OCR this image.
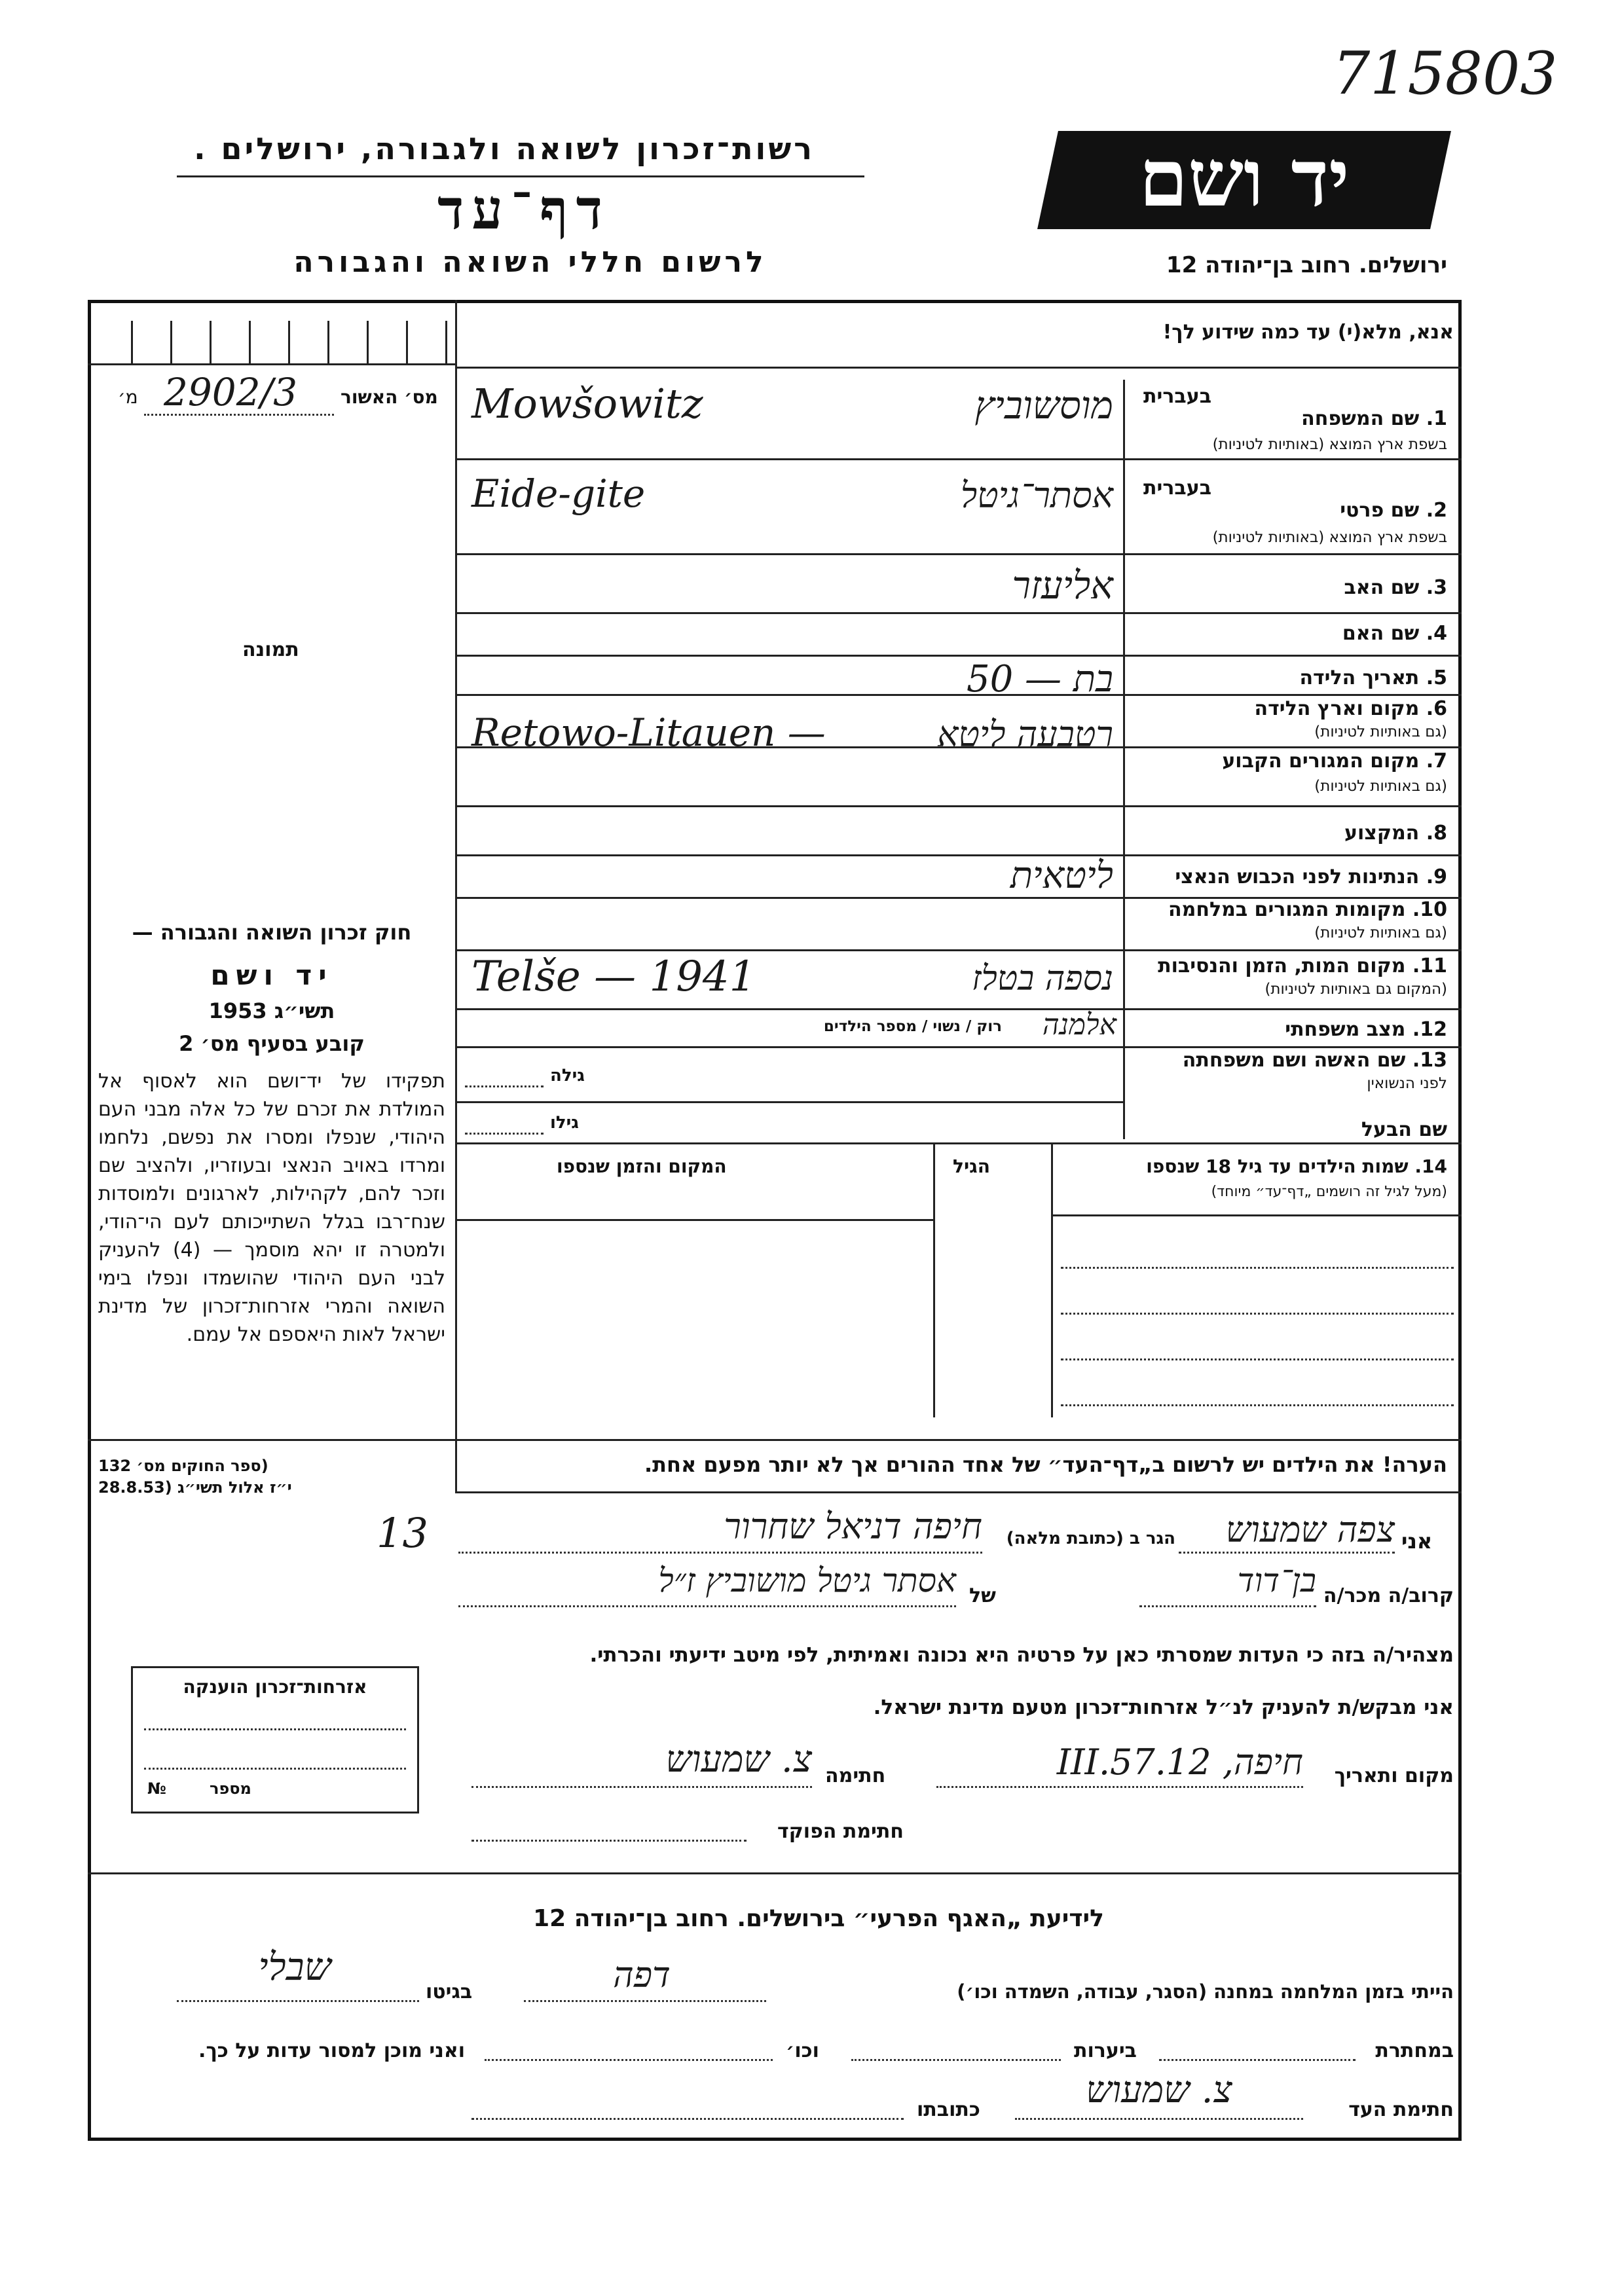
715803
רשות־זכרון לשואה ולגבורה, ירושלים .
דף־עד
לרשום חללי השואה והגבורה
יד ושם
ירושלים. רחוב בן־יהודה 12
מס׳ האשור
מ׳ 2902/3
תמונה
חוק זכרון השואה והגבורה —
יד ושם
תשי״ג 1953
קובע בסעיף מס׳ 2
תפקידו של יד־ושם הוא לאסוף אל המולדת את זכרם של כל אלה מבני העם היהודי, שנפלו ומסרו את נפשם, נלחמו ומרדו באויב הנאצי ובעוזריו, ולהציב שם וזכר להם, לקהילות, לארגונים ולמוסדות שנח־רבו בגלל השתייכותם לעם הי־הודי, ולמטרה זו יהא מוסמך — (4) להעניק לבני העם היהודי שהושמדו ונפלו בימי השואה והמרי אזרחות־זכרון של מדינת ישראל לאות היאספם אל עמם.
(ספר החוקים מס׳ 132
י״ז אלול תשי״ג (28.8.53
אנא, מלא(י) עד כמה שידוע לך!
בעברית
1. שם המשפחה
בשפת ארץ המוצא (באותיות לטיניות)
Mowšowitz	מוסשוביץ
בעברית
2. שם פרטי
בשפת ארץ המוצא (באותיות לטיניות)
Eide-gite	אסתר־גיטל
3. שם האב
אליעזר
4. שם האם
5. תאריך הלידה
בת — 50
6. מקום וארץ הלידה
(גם באותיות לטיניות)
Retowo-Litauen —	רטבעה ליטא
7. מקום המגורים הקבוע
(גם באותיות לטיניות)
8. המקצוע
9. הנתינות לפני הכבוש הנאצי
ליטאית
10. מקומות המגורים במלחמה
(גם באותיות לטיניות)
11. מקום המות, הזמן והנסיבות
(המקום גם באותיות לטיניות)
Telše — 1941	נספה בטלז
12. מצב משפחתי
רוק / נשוי / מספר הילדים	אלמנה
13. שם האשה ושם משפחתה
לפני הנשואין
גילה
שם הבעל
גילו
14. שמות הילדים עד גיל 18 שנספו
(מעל לגיל זה רושמים „דף־עד״ מיוחד)
הגיל
המקום והזמן שנספו
הערה! את הילדים יש לרשום ב„דף־העד״ של אחד ההורים אך לא יותר מפעם אחת.
אני
צפה שמעוש
הגר ב (כתובת מלאה)
חיפה דניאל שחרור
13
קרוב/ה מכר/ה
בן־דוד
של
אסתר גיטל מושוביץ ז״ל
מצהיר/ה בזה כי העדות שמסרתי כאן על פרטיה היא נכונה ואמיתית, לפי מיטב ידיעתי והכרתי.
אני מבקש/ת להעניק לנ״ל אזרחות־זכרון מטעם מדינת ישראל.
מקום ותאריך
חיפה, 12.III.57
חתימה
צ. שמעוש
חתימת הפוקד
אזרחות־זכרון הוענקה
מספר
№
לידיעת „האגף הפרעי״ בירושלים. רחוב בן־יהודה 12
הייתי בזמן המלחמה במחנה (הסגר, עבודה, השמדה וכו׳)
דפה
בגיטו
שבלי
במחתרת
ביערות
וכו׳
ואני מוכן למסור עדות על כך.
חתימת העד
צ. שמעוש
כתובתו
